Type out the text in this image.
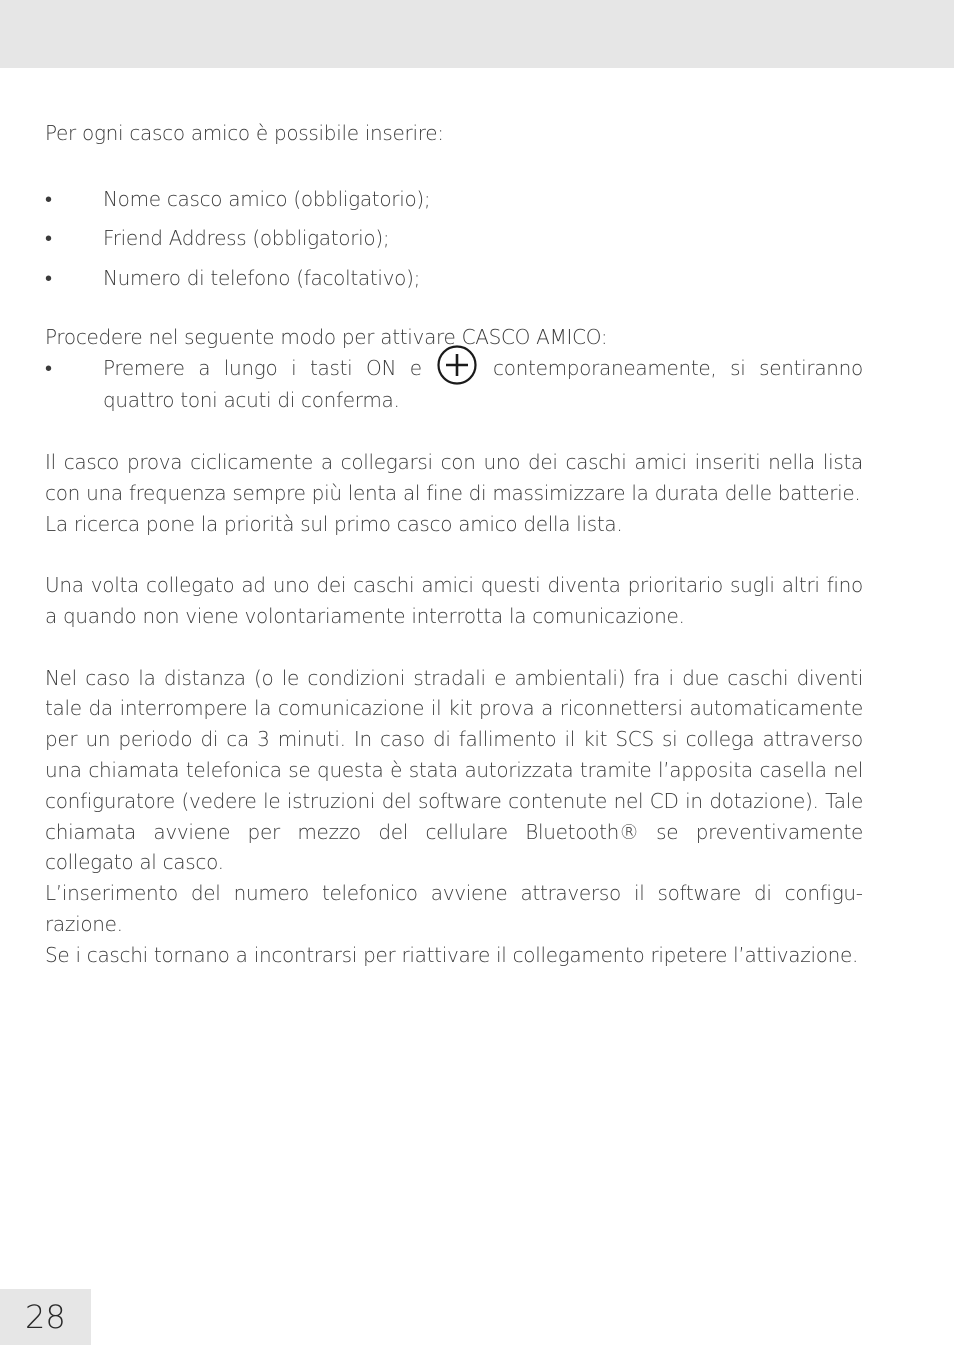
Per ogni casco amico è possibile inserire:

• Nome casco amico (obbligatorio);
• Friend Address (obbligatorio);
• Numero di telefono (facoltativo);

Procedere nel seguente modo per attivare CASCO AMICO:

• Premere a lungo i tasti ON e	contemporaneamente, si sentiranno quattro toni acuti di conferma.

Il casco prova ciclicamente a collegarsi con uno dei caschi amici inseriti nella lista con una frequenza sempre più lenta al fine di massimizzare la durata delle batterie.

La ricerca pone la priorità sul primo casco amico della lista.

Una volta collegato ad uno dei caschi amici questi diventa prioritario sugli altri fino a quando non viene volontariamente interrotta la comunicazione.

Nel caso la distanza (o le condizioni stradali e ambientali) fra i due caschi diventi tale da interrompere la comunicazione il kit prova a riconnettersi automaticamente per un periodo di ca 3 minuti. In caso di fallimento il kit SCS si collega attraverso una chiamata telefonica se questa è stata autorizzata tramite l’apposita casella nel configuratore (vedere le istruzioni del software contenute nel CD in dotazione). Tale chiamata avviene per mezzo del cellulare Bluetooth® se preventivamente collegato al casco.

L’inserimento del numero telefonico avviene attraverso il software di configurazione.

Se i caschi tornano a incontrarsi per riattivare il collegamento ripetere l’attivazione.

28
